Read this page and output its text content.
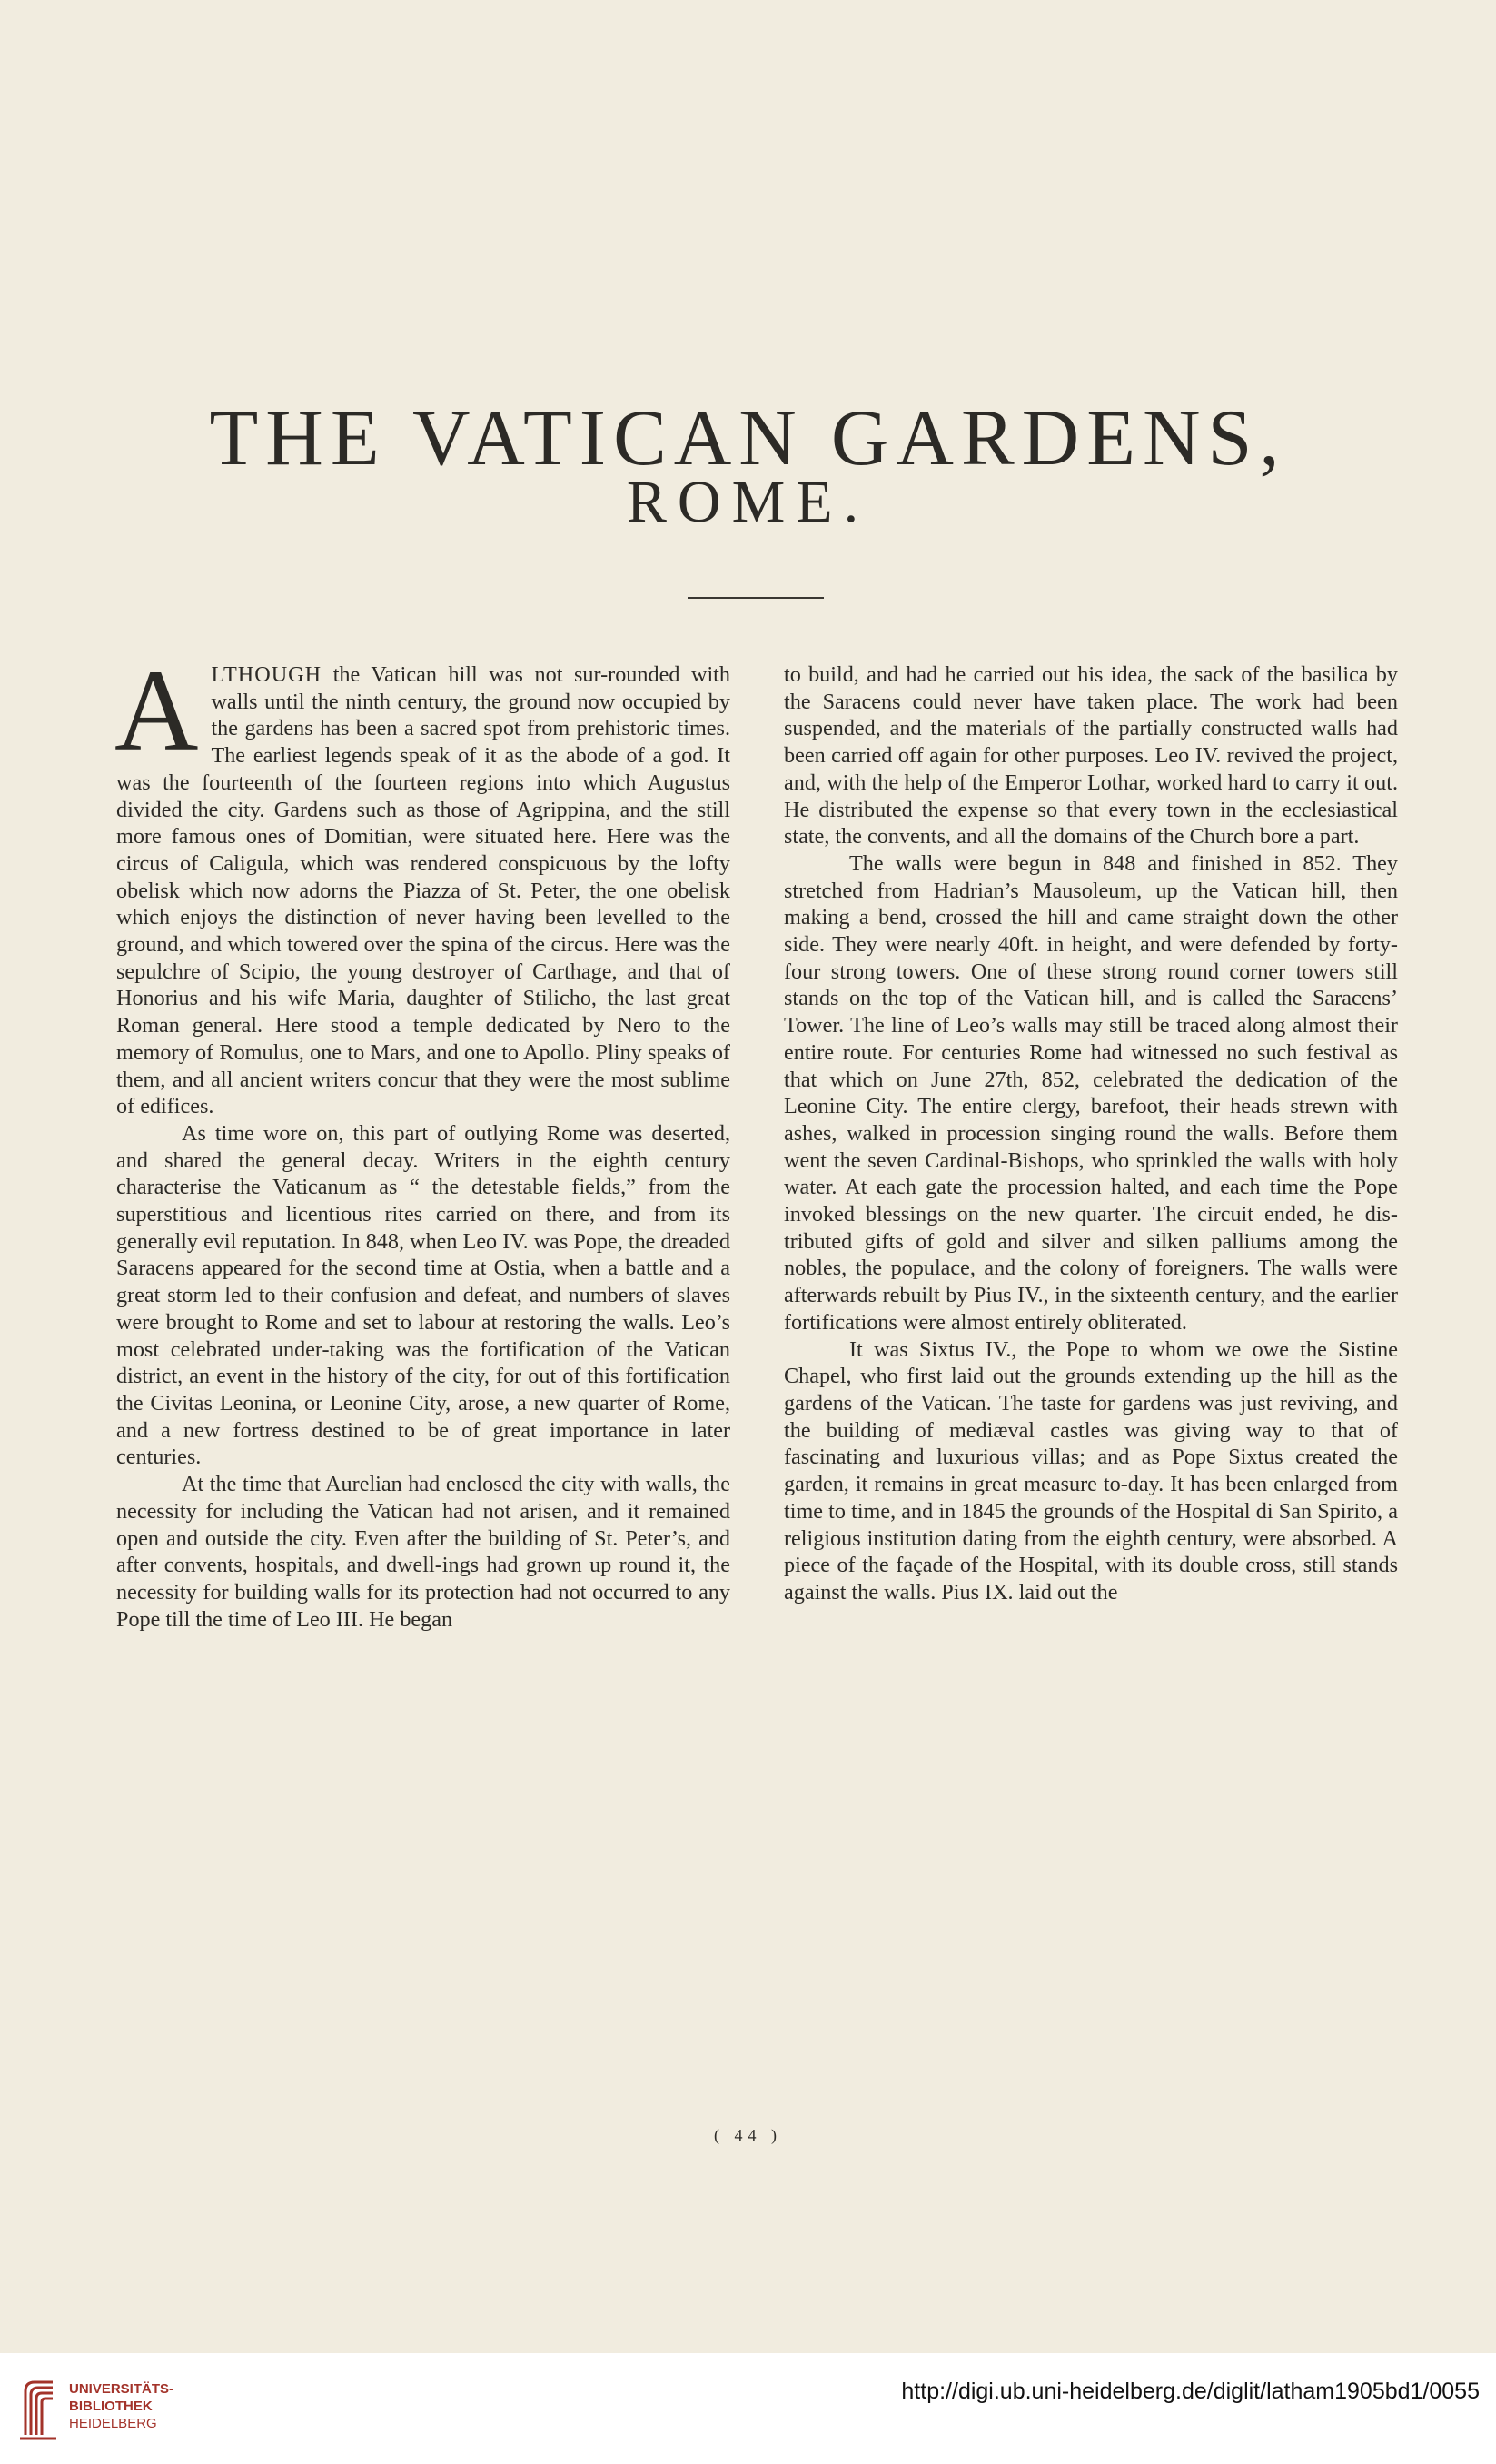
THE VATICAN GARDENS,
ROME.

ALTHOUGH the Vatican hill was not sur-rounded with walls until the ninth century, the ground now occupied by the gardens has been a sacred spot from prehistoric times. The earliest legends speak of it as the abode of a god. It was the fourteenth of the fourteen regions into which Augustus divided the city. Gardens such as those of Agrippina, and the still more famous ones of Domitian, were situated here. Here was the circus of Caligula, which was rendered conspicuous by the lofty obelisk which now adorns the Piazza of St. Peter, the one obelisk which enjoys the distinction of never having been levelled to the ground, and which towered over the spina of the circus. Here was the sepulchre of Scipio, the young destroyer of Carthage, and that of Honorius and his wife Maria, daughter of Stilicho, the last great Roman general. Here stood a temple dedicated by Nero to the memory of Romulus, one to Mars, and one to Apollo. Pliny speaks of them, and all ancient writers concur that they were the most sublime of edifices.

As time wore on, this part of outlying Rome was deserted, and shared the general decay. Writers in the eighth century characterise the Vaticanum as “ the detestable fields,” from the superstitious and licentious rites carried on there, and from its generally evil reputation. In 848, when Leo IV. was Pope, the dreaded Saracens appeared for the second time at Ostia, when a battle and a great storm led to their confusion and defeat, and numbers of slaves were brought to Rome and set to labour at restoring the walls. Leo’s most celebrated under-taking was the fortification of the Vatican district, an event in the history of the city, for out of this fortification the Civitas Leonina, or Leonine City, arose, a new quarter of Rome, and a new fortress destined to be of great importance in later centuries.

At the time that Aurelian had enclosed the city with walls, the necessity for including the Vatican had not arisen, and it remained open and outside the city. Even after the building of St. Peter’s, and after convents, hospitals, and dwell-ings had grown up round it, the necessity for building walls for its protection had not occurred to any Pope till the time of Leo III. He began

to build, and had he carried out his idea, the sack of the basilica by the Saracens could never have taken place. The work had been suspended, and the materials of the partially constructed walls had been carried off again for other purposes. Leo IV. revived the project, and, with the help of the Emperor Lothar, worked hard to carry it out. He distributed the expense so that every town in the ecclesiastical state, the convents, and all the domains of the Church bore a part.

The walls were begun in 848 and finished in 852. They stretched from Hadrian’s Mausoleum, up the Vatican hill, then making a bend, crossed the hill and came straight down the other side. They were nearly 40ft. in height, and were defended by forty-four strong towers. One of these strong round corner towers still stands on the top of the Vatican hill, and is called the Saracens’ Tower. The line of Leo’s walls may still be traced along almost their entire route. For centuries Rome had witnessed no such festival as that which on June 27th, 852, celebrated the dedication of the Leonine City. The entire clergy, barefoot, their heads strewn with ashes, walked in procession singing round the walls. Before them went the seven Cardinal-Bishops, who sprinkled the walls with holy water. At each gate the procession halted, and each time the Pope invoked blessings on the new quarter. The circuit ended, he dis-tributed gifts of gold and silver and silken palliums among the nobles, the populace, and the colony of foreigners. The walls were afterwards rebuilt by Pius IV., in the sixteenth century, and the earlier fortifications were almost entirely obliterated.

It was Sixtus IV., the Pope to whom we owe the Sistine Chapel, who first laid out the grounds extending up the hill as the gardens of the Vatican. The taste for gardens was just reviving, and the building of mediæval castles was giving way to that of fascinating and luxurious villas; and as Pope Sixtus created the garden, it remains in great measure to-day. It has been enlarged from time to time, and in 1845 the grounds of the Hospital di San Spirito, a religious institution dating from the eighth century, were absorbed. A piece of the façade of the Hospital, with its double cross, still stands against the walls. Pius IX. laid out the

( 44 )
UNIVERSITÄTS-
BIBLIOTHEK
HEIDELBERG
http://digi.ub.uni-heidelberg.de/diglit/latham1905bd1/0055
